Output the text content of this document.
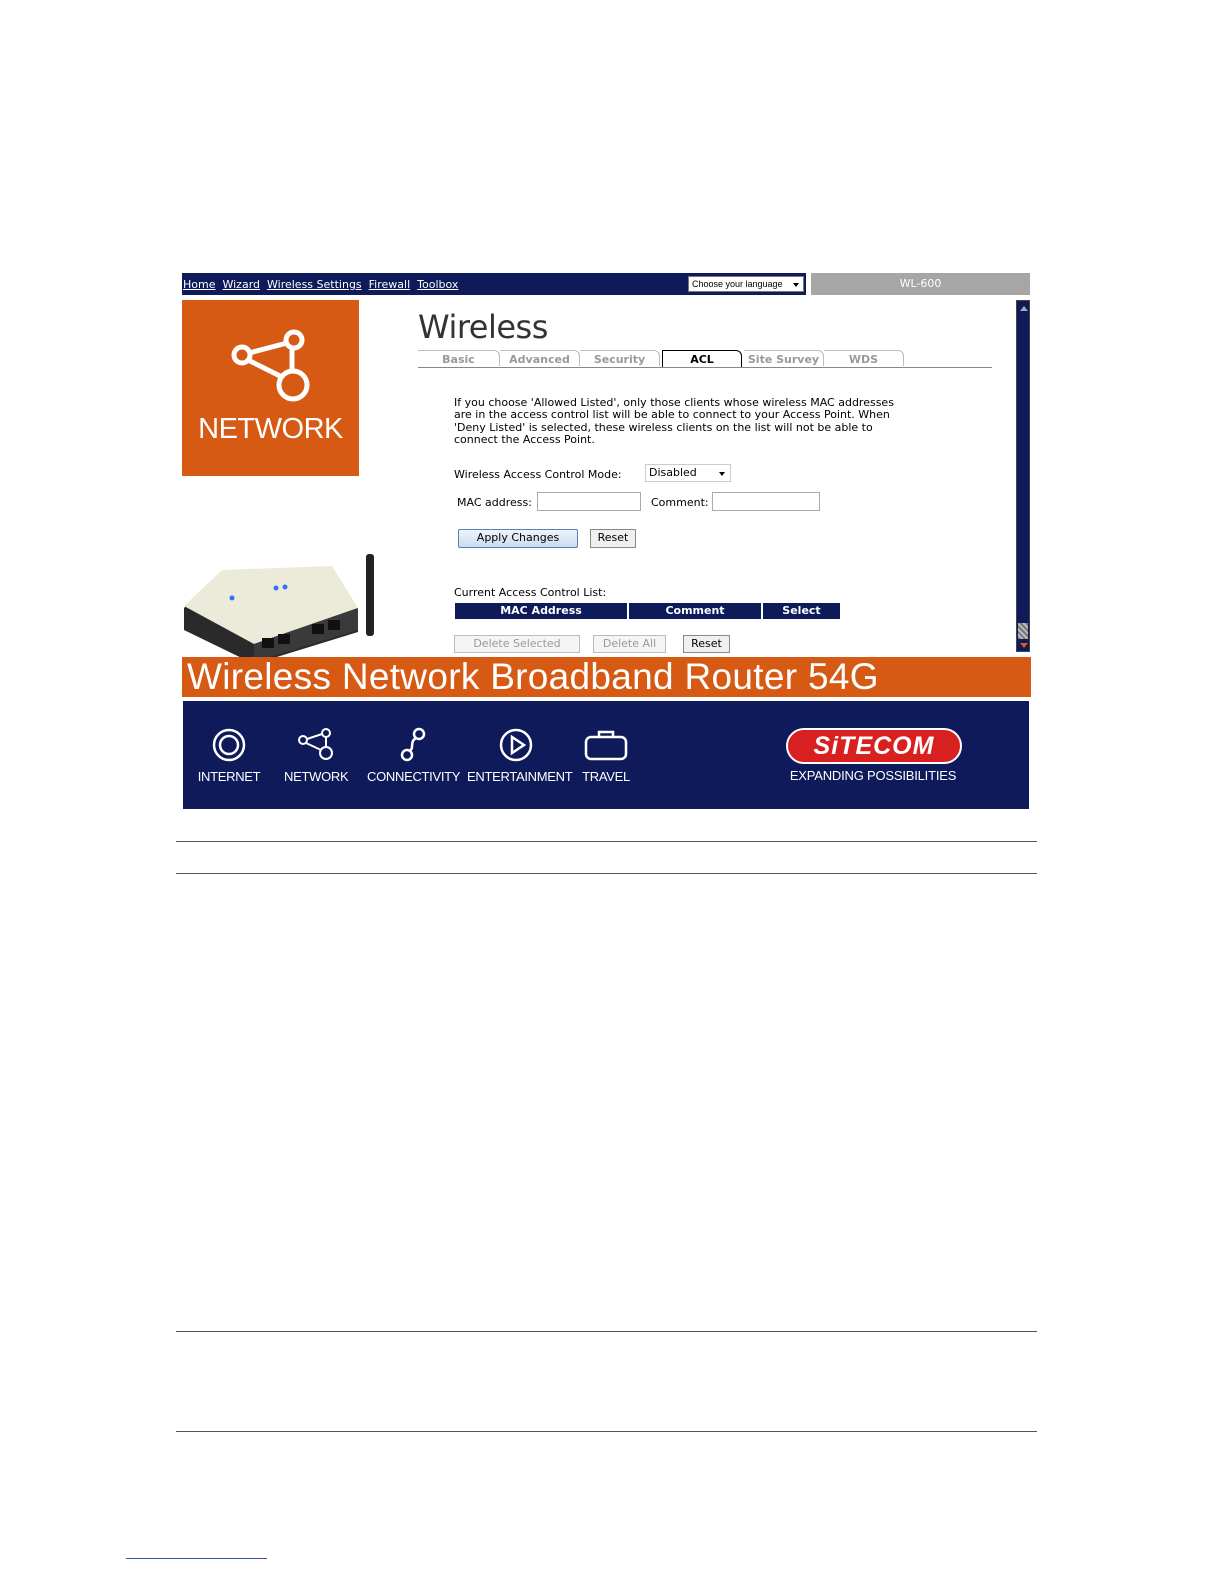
Home Wizard Wireless Settings Firewall Toolbox	Choose your language	WL-600
NETWORK
Wireless
Basic	Advanced	Security	ACL	Site Survey	WDS
If you choose 'Allowed Listed', only those clients whose wireless MAC addresses are in the access control list will be able to connect to your Access Point. When 'Deny Listed' is selected, these wireless clients on the list will not be able to connect the Access Point.
Wireless Access Control Mode:	Disabled
MAC address:	Comment:
Apply Changes	Reset
Current Access Control List:
MAC Address	Comment	Select
Delete Selected	Delete All	Reset
Wireless Network Broadband Router 54G
INTERNET NETWORK CONNECTIVITY ENTERTAINMENT TRAVEL
SiTECOM
EXPANDING POSSIBILITIES
